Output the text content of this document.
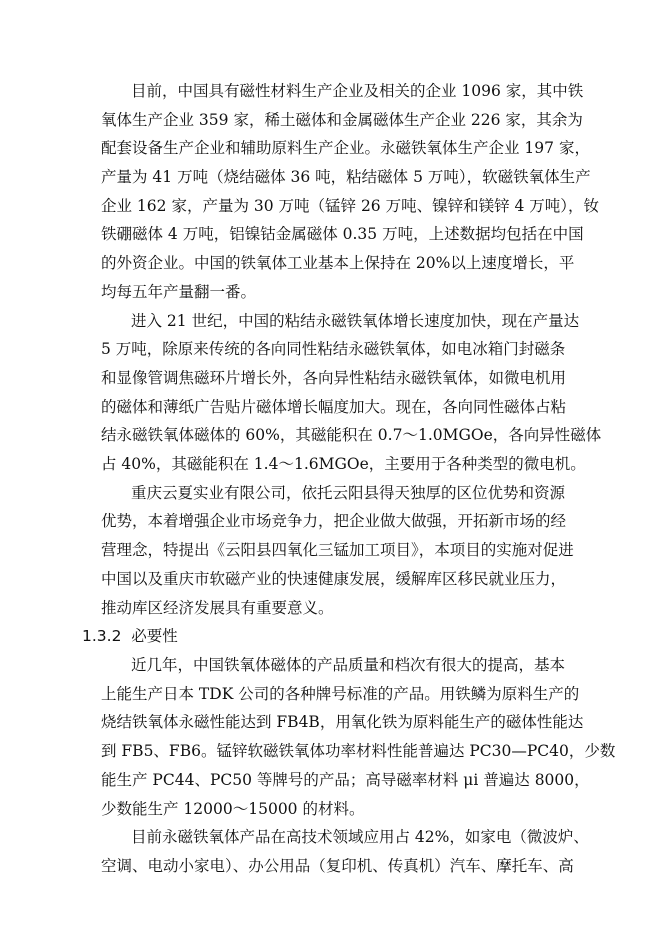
目前，中国具有磁性材料生产企业及相关的企业 1096 家，其中铁
氧体生产企业 359 家，稀土磁体和金属磁体生产企业 226 家，其余为
配套设备生产企业和辅助原料生产企业。永磁铁氧体生产企业 197 家，
产量为 41 万吨（烧结磁体 36 吨，粘结磁体 5 万吨），软磁铁氧体生产
企业 162 家，产量为 30 万吨（锰锌 26 万吨、镍锌和镁锌 4 万吨），钕
铁硼磁体 4 万吨，铝镍钴金属磁体 0.35 万吨，上述数据均包括在中国
的外资企业。中国的铁氧体工业基本上保持在 20%以上速度增长，平
均每五年产量翻一番。
进入 21 世纪，中国的粘结永磁铁氧体增长速度加快，现在产量达
5 万吨，除原来传统的各向同性粘结永磁铁氧体，如电冰箱门封磁条
和显像管调焦磁环片增长外，各向异性粘结永磁铁氧体，如微电机用
的磁体和薄纸广告贴片磁体增长幅度加大。现在，各向同性磁体占粘
结永磁铁氧体磁体的 60%，其磁能积在 0.7～1.0MGOe，各向异性磁体
占 40%，其磁能积在 1.4～1.6MGOe，主要用于各种类型的微电机。
重庆云夏实业有限公司，依托云阳县得天独厚的区位优势和资源
优势，本着增强企业市场竞争力，把企业做大做强，开拓新市场的经
营理念，特提出《云阳县四氧化三锰加工项目》，本项目的实施对促进
中国以及重庆市软磁产业的快速健康发展，缓解库区移民就业压力，
推动库区经济发展具有重要意义。
1.3.2  必要性
近几年，中国铁氧体磁体的产品质量和档次有很大的提高，基本
上能生产日本 TDK 公司的各种牌号标准的产品。用铁鳞为原料生产的
烧结铁氧体永磁性能达到 FB4B，用氧化铁为原料能生产的磁体性能达
到 FB5、FB6。锰锌软磁铁氧体功率材料性能普遍达 PC30—PC40，少数
能生产 PC44、PC50 等牌号的产品；高导磁率材料 μi 普遍达 8000，
少数能生产 12000～15000 的材料。
目前永磁铁氧体产品在高技术领域应用占 42%，如家电（微波炉、
空调、电动小家电）、办公用品（复印机、传真机）汽车、摩托车、高
